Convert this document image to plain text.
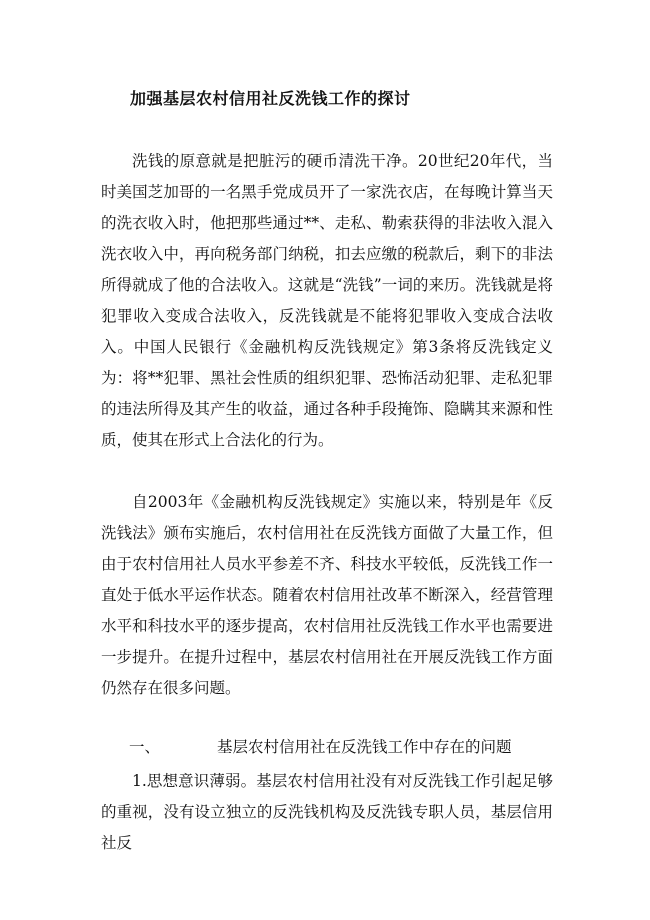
加强基层农村信用社反洗钱工作的探讨

洗钱的原意就是把脏污的硬币清洗干净。20世纪20年代，当时美国芝加哥的一名黑手党成员开了一家洗衣店，在每晚计算当天的洗衣收入时，他把那些通过**、走私、勒索获得的非法收入混入洗衣收入中，再向税务部门纳税，扣去应缴的税款后，剩下的非法所得就成了他的合法收入。这就是“洗钱”一词的来历。洗钱就是将犯罪收入变成合法收入，反洗钱就是不能将犯罪收入变成合法收入。中国人民银行《金融机构反洗钱规定》第3条将反洗钱定义为：将**犯罪、黑社会性质的组织犯罪、恐怖活动犯罪、走私犯罪的违法所得及其产生的收益，通过各种手段掩饰、隐瞒其来源和性质，使其在形式上合法化的行为。

自2003年《金融机构反洗钱规定》实施以来，特别是年《反洗钱法》颁布实施后，农村信用社在反洗钱方面做了大量工作，但由于农村信用社人员水平参差不齐、科技水平较低，反洗钱工作一直处于低水平运作状态。随着农村信用社改革不断深入，经营管理水平和科技水平的逐步提高，农村信用社反洗钱工作水平也需要进一步提升。在提升过程中，基层农村信用社在开展反洗钱工作方面仍然存在很多问题。

一、	基层农村信用社在反洗钱工作中存在的问题

1.思想意识薄弱。基层农村信用社没有对反洗钱工作引起足够的重视，没有设立独立的反洗钱机构及反洗钱专职人员，基层信用社反
